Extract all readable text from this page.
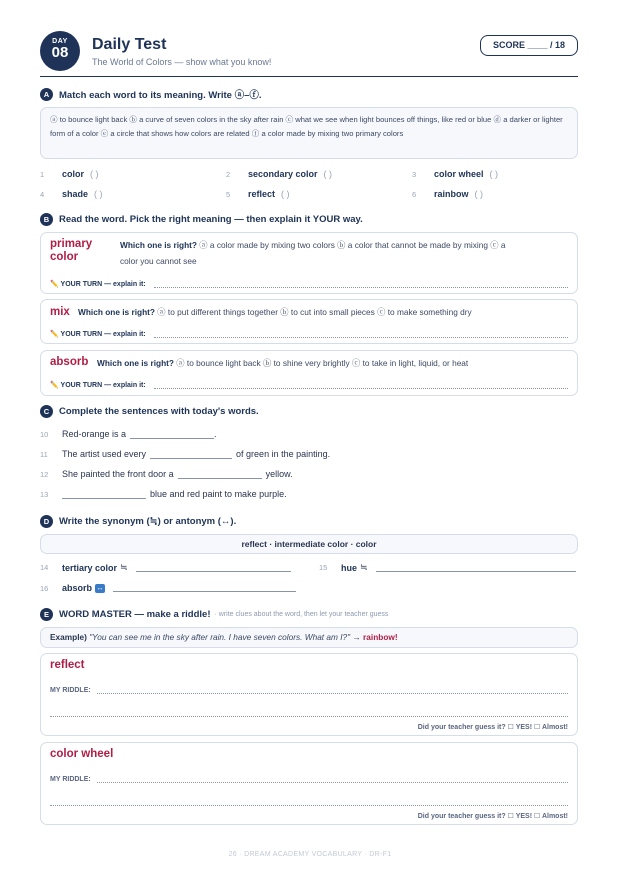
DAY
08	Daily Test
The World of Colors — show what you know!
SCORE ____ / 18
A	Match each word to its meaning. Write ⓐ–ⓕ.
ⓐ to bounce light back ⓑ a curve of seven colors in the sky after rain ⓒ what we see when light bounces off things, like red or blue ⓓ a darker or lighter form of a color ⓔ a circle that shows how colors are related ⓕ a color made by mixing two primary colors
1	color ( )	2	secondary color ( )	3	color wheel ( )
4	shade ( )	5	reflect ( )	6	rainbow ( )
B	Read the word. Pick the right meaning — then explain it YOUR way.
primary
color
Which one is right? ⓐ a color made by mixing two colors ⓑ a color that cannot be made by mixing ⓒ a
color you cannot see
✏️ YOUR TURN — explain it:
mix Which one is right? ⓐ to put different things together ⓑ to cut into small pieces ⓒ to make something dry
✏️ YOUR TURN — explain it:
absorb Which one is right? ⓐ to bounce light back ⓑ to shine very brightly ⓒ to take in light, liquid, or heat
✏️ YOUR TURN — explain it:
C	Complete the sentences with today's words.
10	Red-orange is a	.
11	The artist used every	of green in the painting.
12	She painted the front door a	yellow.
13	blue and red paint to make purple.
D	Write the synonym (≒) or antonym (↔).
reflect · intermediate color · color
14	tertiary color ≒	15	hue ≒
16	absorb ↔
E	WORD MASTER — make a riddle! · write clues about the word, then let your teacher guess
Example) "You can see me in the sky after rain. I have seven colors. What am I?" → rainbow!
reflect
MY RIDDLE:
Did your teacher guess it? ☐ YES! ☐ Almost!
color wheel
MY RIDDLE:
Did your teacher guess it? ☐ YES! ☐ Almost!
26 · DREAM ACADEMY VOCABULARY · DR-F1
